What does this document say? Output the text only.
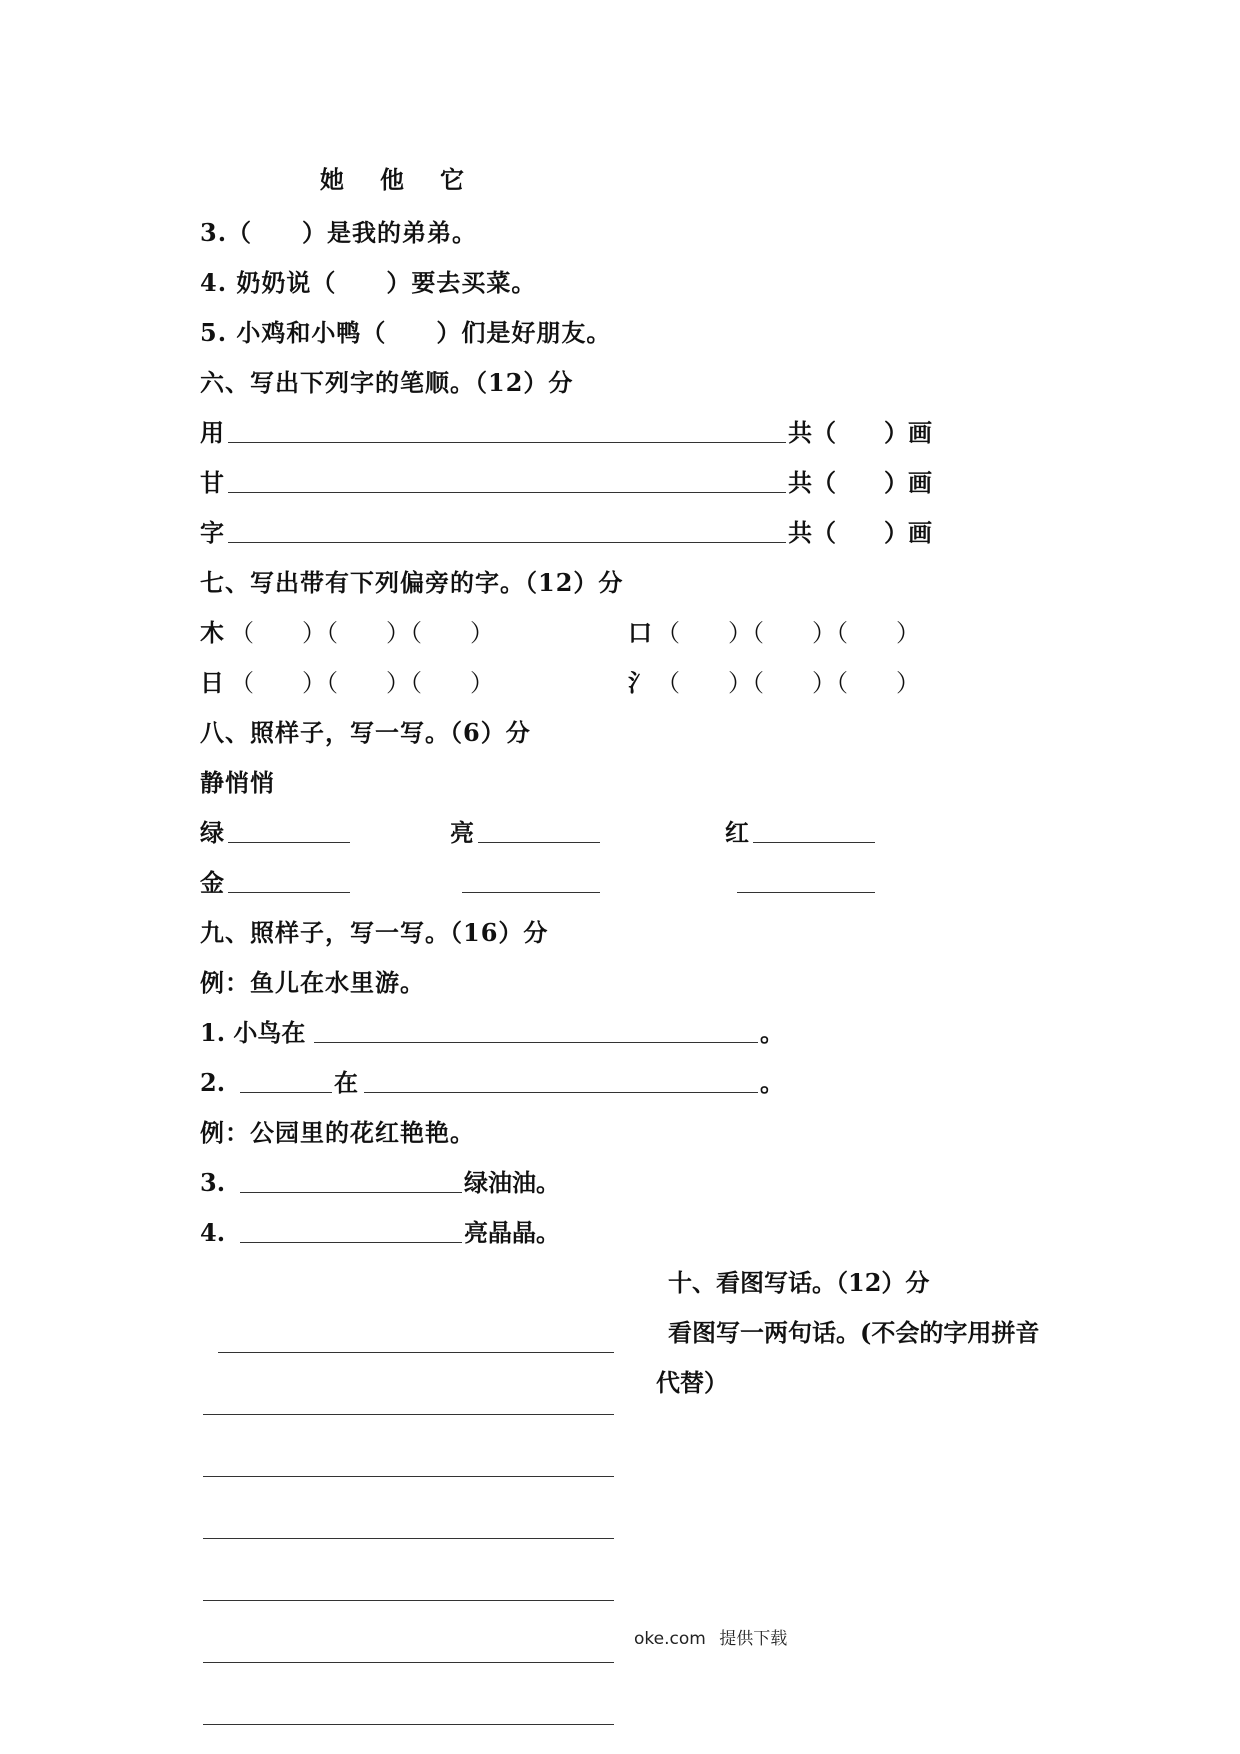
她　他　它
3.（　　）是我的弟弟。
4. 奶奶说（　　）要去买菜。
5. 小鸡和小鸭（　　）们是好朋友。
六、写出下列字的笔顺。（12）分
用	共（　　）画
甘	共（　　）画
字	共（　　）画
七、写出带有下列偏旁的字。（12）分
木 （　　）（　　）（　　）	口 （　　）（　　）（　　）
日 （　　）（　　）（　　）	氵 （　　）（　　）（　　）
八、照样子，写一写。（6）分
静悄悄
绿	亮	红
金
九、照样子，写一写。（16）分
例：鱼儿在水里游。
1. 小鸟在	。
2.	在	。
例：公园里的花红艳艳。
3.	绿油油。
4.	亮晶晶。
十、看图写话。（12）分
看图写一两句话。(不会的字用拼音
代替）
oke.com 提供下载
